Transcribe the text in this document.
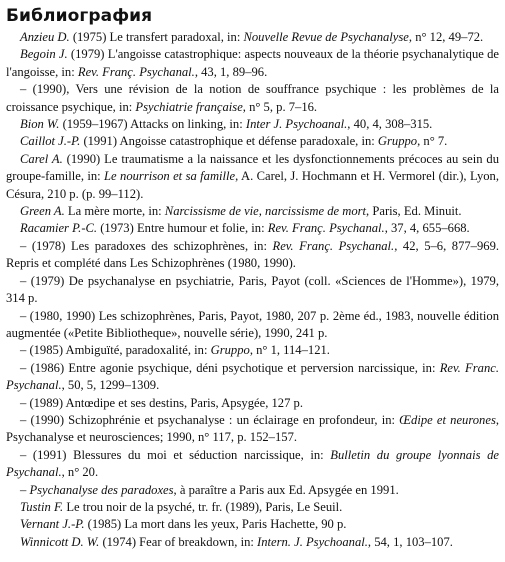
Библиография

Anzieu D. (1975) Le transfert paradoxal, in: Nouvelle Revue de Psychanalyse, n° 12, 49–72.

Begoin J. (1979) L'angoisse catastrophique: aspects nouveaux de la théorie psychanalytique de l'angoisse, in: Rev. Franç. Psychanal., 43, 1, 89–96.

– (1990), Vers une révision de la notion de souffrance psychique : les problèmes de la croissance psychique, in: Psychiatrie française, n° 5, p. 7–16.

Bion W. (1959–1967) Attacks on linking, in: Inter J. Psychoanal., 40, 4, 308–315.

Caillot J.-P. (1991) Angoisse catastrophique et défense paradoxale, in: Gruppo, n° 7.

Carel A. (1990) Le traumatisme a la naissance et les dysfonctionnements précoces au sein du groupe-famille, in: Le nourrison et sa famille, A. Carel, J. Hochmann et H. Vermorel (dir.), Lyon, Césura, 210 p. (p. 99–112).

Green A. La mère morte, in: Narcissisme de vie, narcissisme de mort, Paris, Ed. Minuit.

Racamier P.-C. (1973) Entre humour et folie, in: Rev. Franç. Psychanal., 37, 4, 655–668.

– (1978) Les paradoxes des schizophrènes, in: Rev. Franç. Psychanal., 42, 5–6, 877–969. Repris et complété dans Les Schizophrènes (1980, 1990).

– (1979) De psychanalyse en psychiatrie, Paris, Payot (coll. «Sciences de l'Homme»), 1979, 314 p.

– (1980, 1990) Les schizophrènes, Paris, Payot, 1980, 207 p. 2ème éd., 1983, nouvelle édition augmentée («Petite Bibliotheque», nouvelle série), 1990, 241 p.

– (1985) Ambiguïté, paradoxalité, in: Gruppo, n° 1, 114–121.

– (1986) Entre agonie psychique, déni psychotique et perversion narcissique, in: Rev. Franc. Psychanal., 50, 5, 1299–1309.

– (1989) Antœdipe et ses destins, Paris, Apsygée, 127 p.

– (1990) Schizophrénie et psychanalyse : un éclairage en profondeur, in: Œdipe et neurones, Psychanalyse et neurosciences; 1990, n° 117, p. 152–157.

– (1991) Blessures du moi et séduction narcissique, in: Bulletin du groupe lyonnais de Psychanal., n° 20.

– Psychanalyse des paradoxes, à paraître a Paris aux Ed. Apsygée en 1991.

Tustin F. Le trou noir de la psyché, tr. fr. (1989), Paris, Le Seuil.

Vernant J.-P. (1985) La mort dans les yeux, Paris Hachette, 90 p.

Winnicott D. W. (1974) Fear of breakdown, in: Intern. J. Psychoanal., 54, 1, 103–107.
